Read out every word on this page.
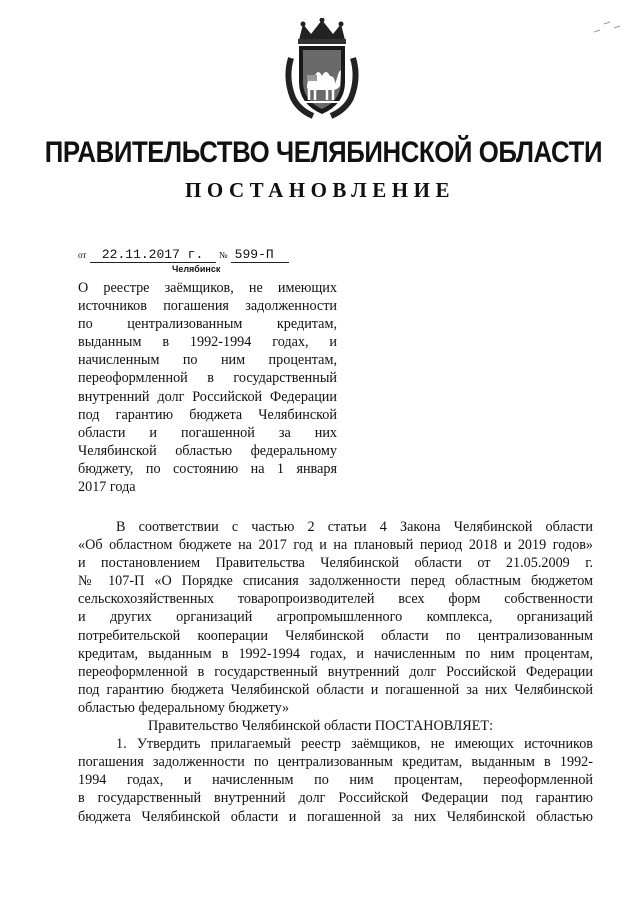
ПРАВИТЕЛЬСТВО ЧЕЛЯБИНСКОЙ ОБЛАСТИ
ПОСТАНОВЛЕНИЕ
от 22.11.2017 г. № 599-П
Челябинск
О реестре заёмщиков, не имеющих
источников погашения задолженности
по централизованным кредитам,
выданным в 1992-1994 годах, и
начисленным по ним процентам,
переоформленной в государственный
внутренний долг Российской Федерации
под гарантию бюджета Челябинской
области и погашенной за них
Челябинской областью федеральному
бюджету, по состоянию на 1 января
2017 года
В соответствии с частью 2 статьи 4 Закона Челябинской области
«Об областном бюджете на 2017 год и на плановый период 2018 и 2019 годов»
и постановлением Правительства Челябинской области от 21.05.2009 г.
№ 107-П «О Порядке списания задолженности перед областным бюджетом
сельскохозяйственных товаропроизводителей всех форм собственности
и других организаций агропромышленного комплекса, организаций
потребительской кооперации Челябинской области по централизованным
кредитам, выданным в 1992-1994 годах, и начисленным по ним процентам,
переоформленной в государственный внутренний долг Российской Федерации
под гарантию бюджета Челябинской области и погашенной за них Челябинской
областью федеральному бюджету»
Правительство Челябинской области ПОСТАНОВЛЯЕТ:
1. Утвердить прилагаемый реестр заёмщиков, не имеющих источников
погашения задолженности по централизованным кредитам, выданным в 1992-
1994 годах, и начисленным по ним процентам, переоформленной
в государственный внутренний долг Российской Федерации под гарантию
бюджета Челябинской области и погашенной за них Челябинской областью
